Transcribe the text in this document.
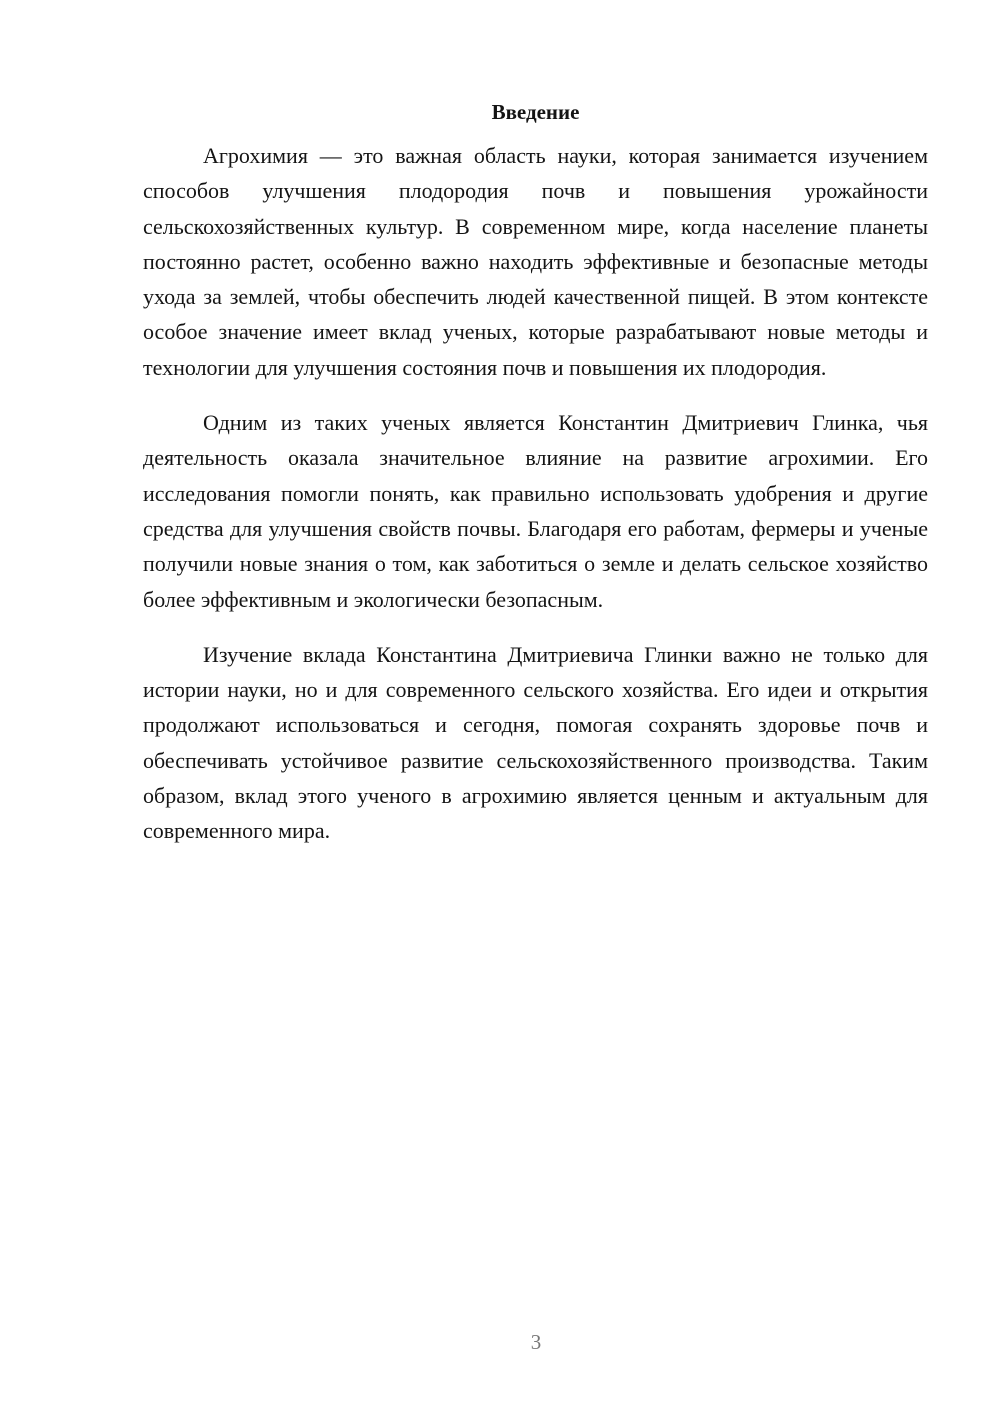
Введение

Агрохимия — это важная область науки, которая занимается изучением способов улучшения плодородия почв и повышения урожайности сельскохозяйственных культур. В современном мире, когда население планеты постоянно растет, особенно важно находить эффективные и безопасные методы ухода за землей, чтобы обеспечить людей качественной пищей. В этом контексте особое значение имеет вклад ученых, которые разрабатывают новые методы и технологии для улучшения состояния почв и повышения их плодородия.

Одним из таких ученых является Константин Дмитриевич Глинка, чья деятельность оказала значительное влияние на развитие агрохимии. Его исследования помогли понять, как правильно использовать удобрения и другие средства для улучшения свойств почвы. Благодаря его работам, фермеры и ученые получили новые знания о том, как заботиться о земле и делать сельское хозяйство более эффективным и экологически безопасным.

Изучение вклада Константина Дмитриевича Глинки важно не только для истории науки, но и для современного сельского хозяйства. Его идеи и открытия продолжают использоваться и сегодня, помогая сохранять здоровье почв и обеспечивать устойчивое развитие сельскохозяйственного производства. Таким образом, вклад этого ученого в агрохимию является ценным и актуальным для современного мира.

3
